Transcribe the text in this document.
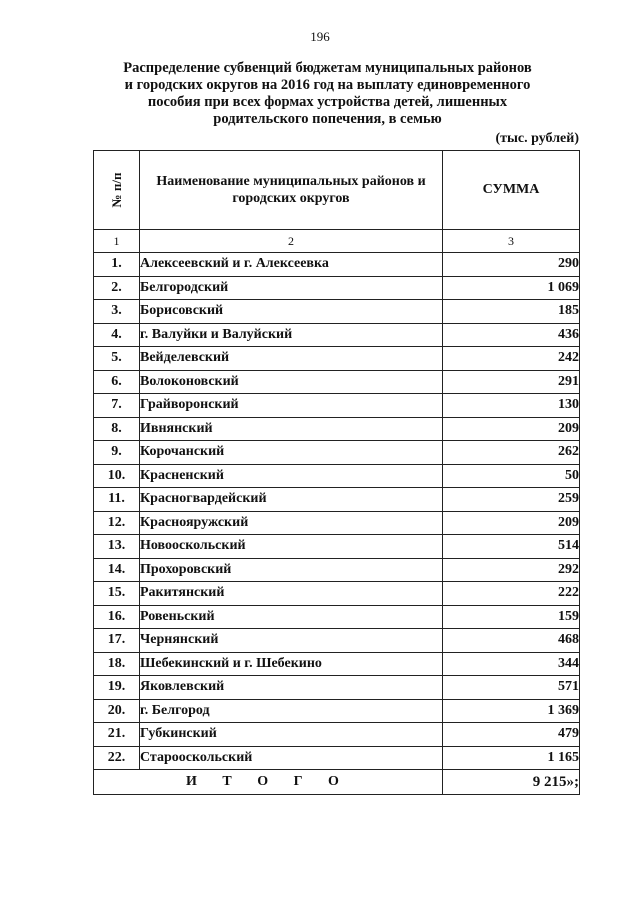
196
Распределение субвенций бюджетам муниципальных районов
и городских округов на 2016 год на выплату единовременного
пособия при всех формах устройства детей, лишенных
родительского попечения, в семью
(тыс. рублей)
№ п/п	Наименование муниципальных районов и городских округов	СУММА
1	2	3
1.	Алексеевский и г. Алексеевка	290
2.	Белгородский	1 069
3.	Борисовский	185
4.	г. Валуйки и Валуйский	436
5.	Вейделевский	242
6.	Волоконовский	291
7.	Грайворонский	130
8.	Ивнянский	209
9.	Корочанский	262
10.	Красненский	50
11.	Красногвардейский	259
12.	Краснояружский	209
13.	Новооскольский	514
14.	Прохоровский	292
15.	Ракитянский	222
16.	Ровеньский	159
17.	Чернянский	468
18.	Шебекинский и г. Шебекино	344
19.	Яковлевский	571
20.	г. Белгород	1 369
21.	Губкинский	479
22.	Старооскольский	1 165
И Т О Г О		9 215»;
